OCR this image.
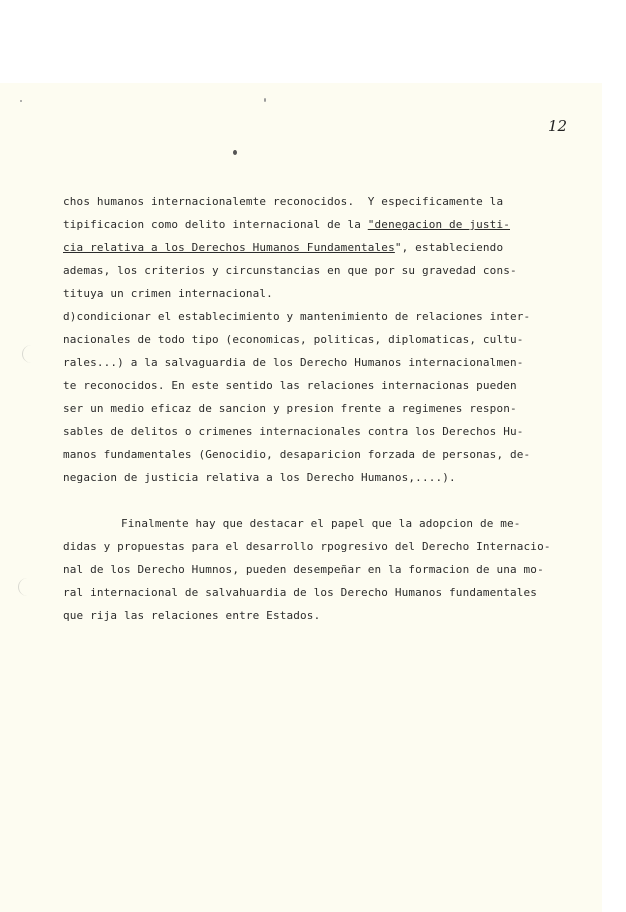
12
chos humanos internacionalemte reconocidos.  Y especificamente la
tipificacion como delito internacional de la "denegacion de justi-
cia relativa a los Derechos Humanos Fundamentales", estableciendo
ademas, los criterios y circunstancias en que por su gravedad cons-
tituya un crimen internacional.
d)condicionar el establecimiento y mantenimiento de relaciones inter-
nacionales de todo tipo (economicas, politicas, diplomaticas, cultu-
rales...) a la salvaguardia de los Derecho Humanos internacionalmen-
te reconocidos. En este sentido las relaciones internacionas pueden
ser un medio eficaz de sancion y presion frente a regimenes respon-
sables de delitos o crimenes internacionales contra los Derechos Hu-
manos fundamentales (Genocidio, desaparicion forzada de personas, de-
negacion de justicia relativa a los Derecho Humanos,....).
Finalmente hay que destacar el papel que la adopcion de me-
didas y propuestas para el desarrollo rpogresivo del Derecho Internacio-
nal de los Derecho Humnos, pueden desempeñar en la formacion de una mo-
ral internacional de salvahuardia de los Derecho Humanos fundamentales
que rija las relaciones entre Estados.
